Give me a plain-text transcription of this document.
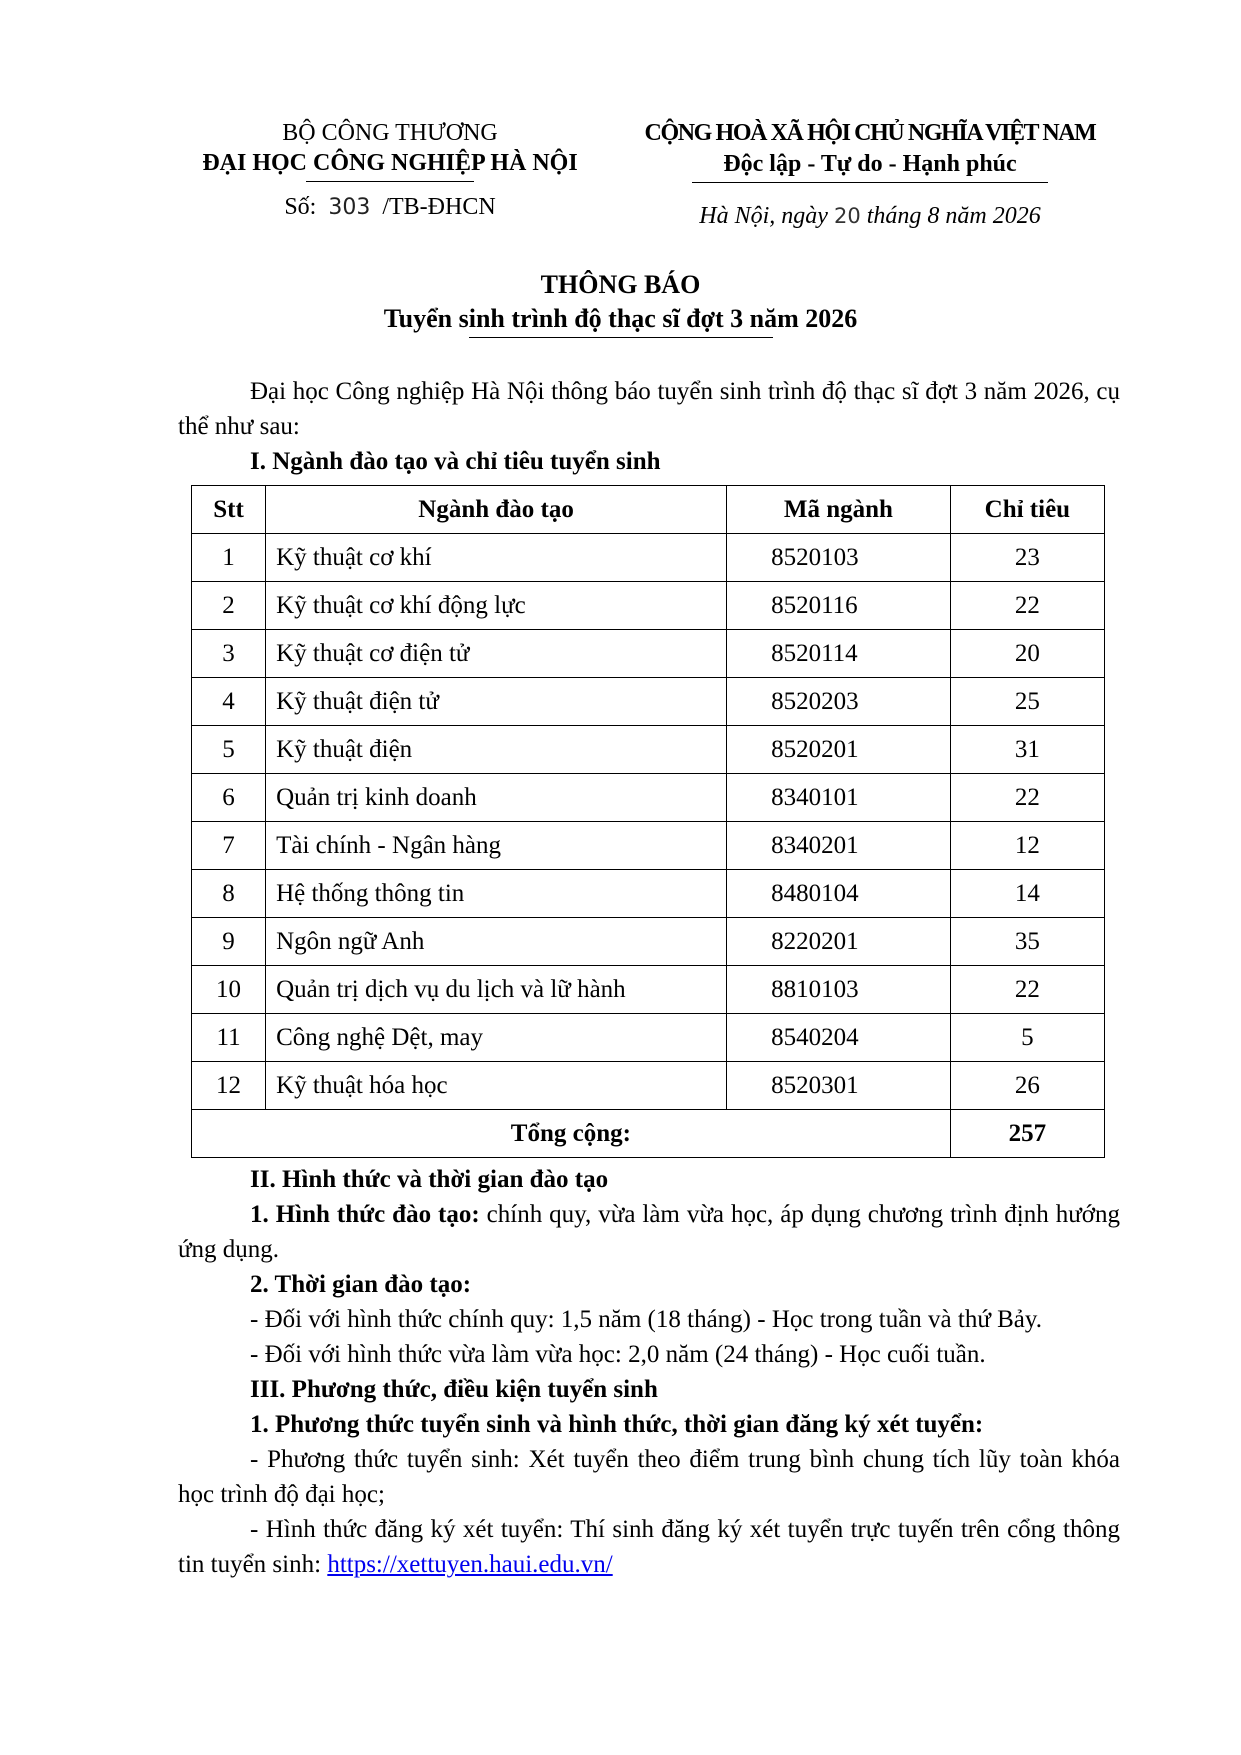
BỘ CÔNG THƯƠNG
ĐẠI HỌC CÔNG NGHIỆP HÀ NỘI
Số: 303 /TB-ĐHCN
CỘNG HOÀ XÃ HỘI CHỦ NGHĨA VIỆT NAM
Độc lập - Tự do - Hạnh phúc
Hà Nội, ngày 20 tháng 8 năm 2026
THÔNG BÁO
Tuyển sinh trình độ thạc sĩ đợt 3 năm 2026

Đại học Công nghiệp Hà Nội thông báo tuyển sinh trình độ thạc sĩ đợt 3 năm 2026, cụ thể như sau:

I. Ngành đào tạo và chỉ tiêu tuyển sinh

Stt	Ngành đào tạo	Mã ngành	Chỉ tiêu
1	Kỹ thuật cơ khí	8520103	23
2	Kỹ thuật cơ khí động lực	8520116	22
3	Kỹ thuật cơ điện tử	8520114	20
4	Kỹ thuật điện tử	8520203	25
5	Kỹ thuật điện	8520201	31
6	Quản trị kinh doanh	8340101	22
7	Tài chính - Ngân hàng	8340201	12
8	Hệ thống thông tin	8480104	14
9	Ngôn ngữ Anh	8220201	35
10	Quản trị dịch vụ du lịch và lữ hành	8810103	22
11	Công nghệ Dệt, may	8540204	5
12	Kỹ thuật hóa học	8520301	26
Tổng cộng:			257

II. Hình thức và thời gian đào tạo

1. Hình thức đào tạo: chính quy, vừa làm vừa học, áp dụng chương trình định hướng ứng dụng.

2. Thời gian đào tạo:

- Đối với hình thức chính quy: 1,5 năm (18 tháng) - Học trong tuần và thứ Bảy.

- Đối với hình thức vừa làm vừa học: 2,0 năm (24 tháng) - Học cuối tuần.

III. Phương thức, điều kiện tuyển sinh

1. Phương thức tuyển sinh và hình thức, thời gian đăng ký xét tuyển:

- Phương thức tuyển sinh: Xét tuyển theo điểm trung bình chung tích lũy toàn khóa học trình độ đại học;

- Hình thức đăng ký xét tuyển: Thí sinh đăng ký xét tuyển trực tuyến trên cổng thông tin tuyển sinh: https://xettuyen.haui.edu.vn/
